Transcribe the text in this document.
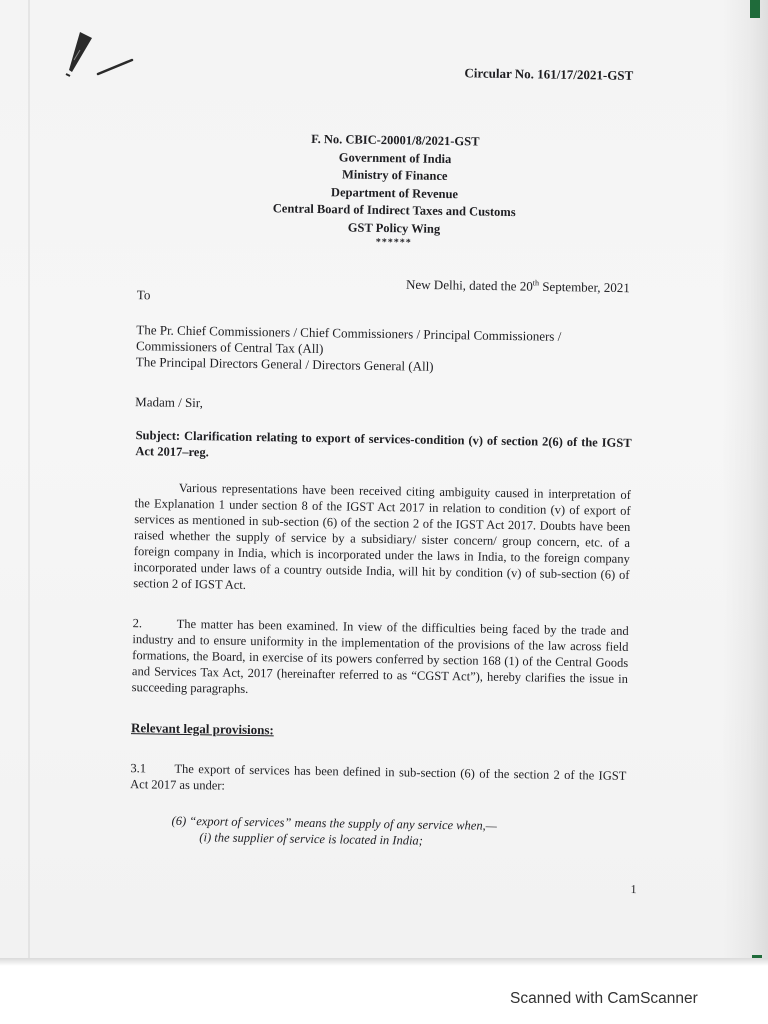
Circular No. 161/17/2021-GST
F. No. CBIC-20001/8/2021-GST
Government of India
Ministry of Finance
Department of Revenue
Central Board of Indirect Taxes and Customs
GST Policy Wing
******
New Delhi, dated the 20th September, 2021
To
The Pr. Chief Commissioners / Chief Commissioners / Principal Commissioners / Commissioners of Central Tax (All)
The Principal Directors General / Directors General (All)
Madam / Sir,
Subject: Clarification relating to export of services-condition (v) of section 2(6) of the IGST Act 2017–reg.
Various representations have been received citing ambiguity caused in interpretation of the Explanation 1 under section 8 of the IGST Act 2017 in relation to condition (v) of export of services as mentioned in sub-section (6) of the section 2 of the IGST Act 2017. Doubts have been raised whether the supply of service by a subsidiary/ sister concern/ group concern, etc. of a foreign company in India, which is incorporated under the laws in India, to the foreign company incorporated under laws of a country outside India, will hit by condition (v) of sub-section (6) of section 2 of IGST Act.
2.	The matter has been examined. In view of the difficulties being faced by the trade and industry and to ensure uniformity in the implementation of the provisions of the law across field formations, the Board, in exercise of its powers conferred by section 168 (1) of the Central Goods and Services Tax Act, 2017 (hereinafter referred to as “CGST Act”), hereby clarifies the issue in succeeding paragraphs.
Relevant legal provisions:
3.1 The export of services has been defined in sub-section (6) of the section 2 of the IGST Act 2017 as under:
(6) “export of services” means the supply of any service when,—
(i) the supplier of service is located in India;
1
Scanned with CamScanner
